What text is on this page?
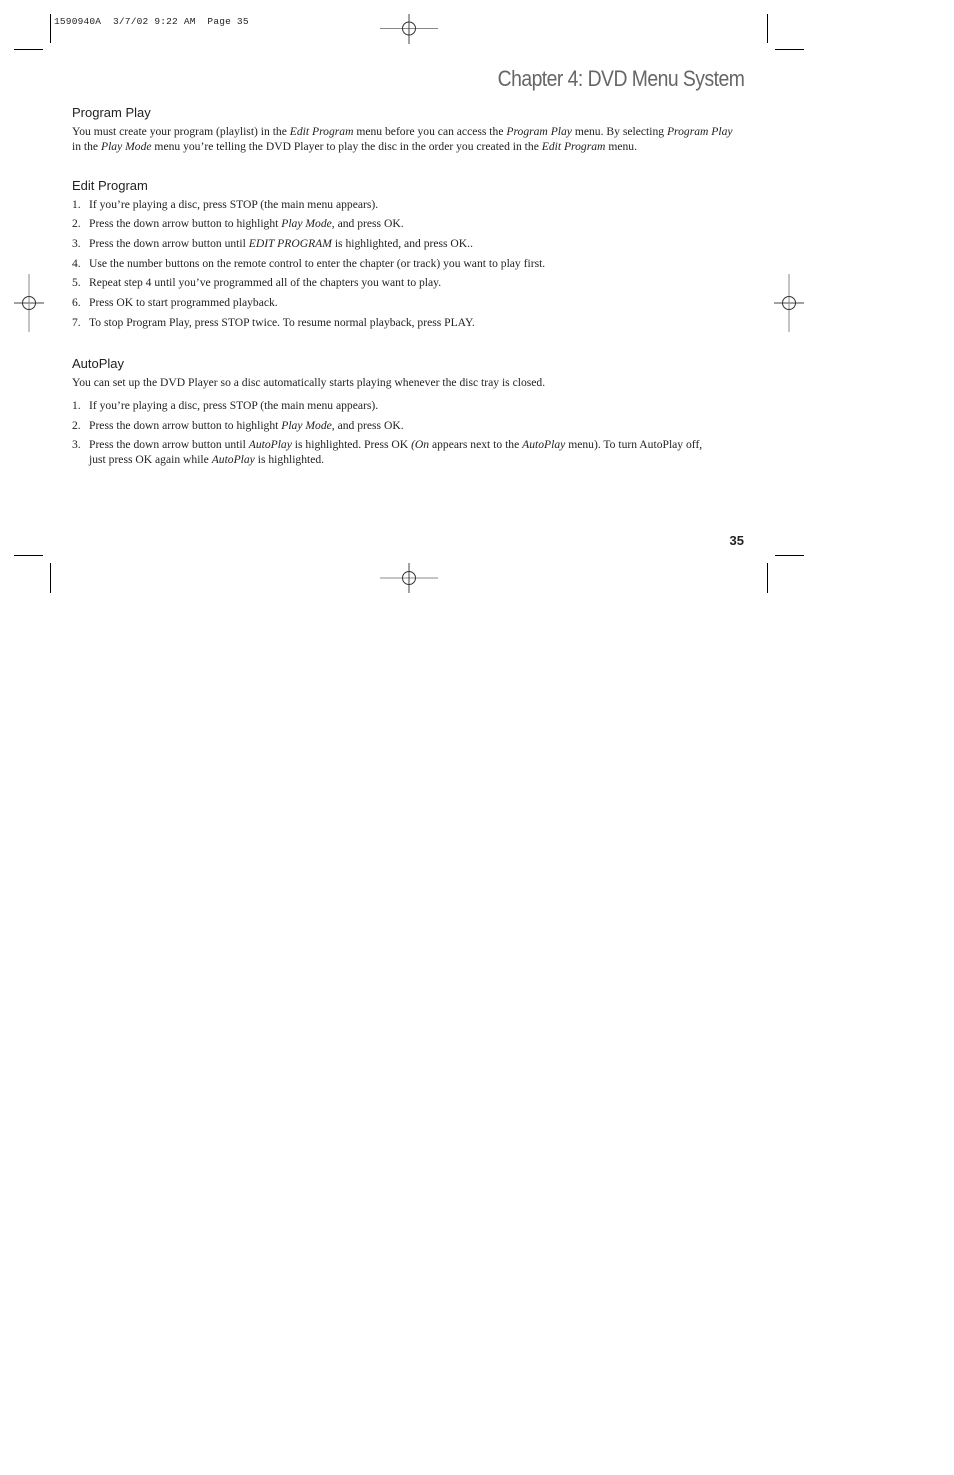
1590940A  3/7/02 9:22 AM  Page 35
Chapter 4: DVD Menu System
Program Play
You must create your program (playlist) in the Edit Program menu before you can access the Program Play menu. By selecting Program Play in the Play Mode menu you’re telling the DVD Player to play the disc in the order you created in the Edit Program menu.
Edit Program
1. If you’re playing a disc, press STOP (the main menu appears).
2. Press the down arrow button to highlight Play Mode, and press OK.
3. Press the down arrow button until EDIT PROGRAM is highlighted, and press OK..
4. Use the number buttons on the remote control to enter the chapter (or track) you want to play first.
5. Repeat step 4 until you’ve programmed all of the chapters you want to play.
6. Press OK to start programmed playback.
7. To stop Program Play, press STOP twice. To resume normal playback, press PLAY.
AutoPlay
You can set up the DVD Player so a disc automatically starts playing whenever the disc tray is closed.
1. If you’re playing a disc, press STOP (the main menu appears).
2. Press the down arrow button to highlight Play Mode, and press OK.
3. Press the down arrow button until AutoPlay is highlighted. Press OK (On appears next to the AutoPlay menu). To turn AutoPlay off, just press OK again while AutoPlay is highlighted.
35
